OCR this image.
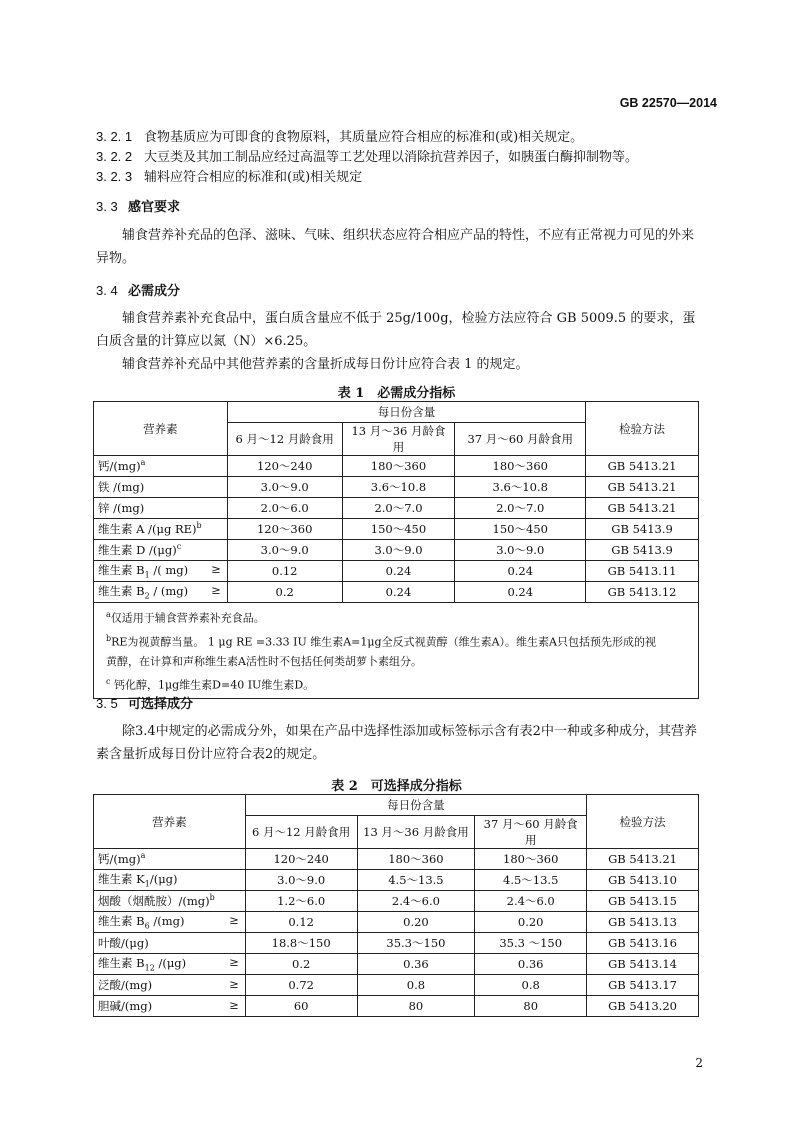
GB 22570—2014
3. 2. 1 食物基质应为可即食的食物原料，其质量应符合相应的标准和(或)相关规定。
3. 2. 2 大豆类及其加工制品应经过高温等工艺处理以消除抗营养因子，如胰蛋白酶抑制物等。
3. 2. 3 辅料应符合相应的标准和(或)相关规定
3. 3 感官要求
辅食营养补充品的色泽、滋味、气味、组织状态应符合相应产品的特性，不应有正常视力可见的外来异物。
3. 4 必需成分
辅食营养素补充食品中，蛋白质含量应不低于 25g/100g，检验方法应符合 GB 5009.5 的要求，蛋白质含量的计算应以氮（N）×6.25。
辅食营养补充品中其他营养素的含量折成每日份计应符合表 1 的规定。
表 1　必需成分指标
营养素	每日份含量			检验方法
	6 月～12 月龄食用	13 月～36 月龄食用	37 月～60 月龄食用	
钙/(mg)$^a$	120～240	180～360	180～360	GB 5413.21
铁 /(mg)	3.0～9.0	3.6～10.8	3.6～10.8	GB 5413.21
锌 /(mg)	2.0～6.0	2.0～7.0	2.0～7.0	GB 5413.21
维生素 A /(μg RE)$^b$	120～360	150～450	150～450	GB 5413.9
维生素 D $/(\mu g)^c$	3.0～9.0	3.0～9.0	3.0～9.0	GB 5413.9
维生素 $B_1$ /( mg) ≥	0.12	0.24	0.24	GB 5413.11
维生素 $B_2 / (mg)$ ≥	0.2	0.24	0.24	GB 5413.12

$^a$仅适用于辅食营养素补充食品。
$^b$RE为视黄醇当量。 1 μg RE =3.33 IU 维生素A=1μg全反式视黄醇（维生素A）。维生素A只包括预先形成的视
黄醇，在计算和声称维生素A活性时不包括任何类胡萝卜素组分。
$^c$ 钙化醇，1μg维生素D=40 IU维生素D。				
3. 5 可选择成分
除3.4中规定的必需成分外，如果在产品中选择性添加或标签标示含有表2中一种或多种成分，其营养素含量折成每日份计应符合表2的规定。
表 2　可选择成分指标
营养素	每日份含量			检验方法
	6 月～12 月龄食用	13 月～36 月龄食用	37 月～60 月龄食用	
钙/(mg)$^a$	120～240	180～360	180～360	GB 5413.21
维生素 $K_1/(\mu g)$	3.0～9.0	4.5～13.5	4.5～13.5	GB 5413.10
烟酸（烟酰胺）/(mg)$^b$	1.2～6.0	2.4～6.0	2.4～6.0	GB 5413.15
维生素 $B_6$ /(mg) ≥	0.12	0.20	0.20	GB 5413.13
叶酸/(μg)	18.8～150	35.3～150	35.3 ～150	GB 5413.16
维生素 $B_{12}$ /(μg) ≥	0.2	0.36	0.36	GB 5413.14
泛酸/(mg) ≥	0.72	0.8	0.8	GB 5413.17
胆碱/(mg) ≥	60	80	80	GB 5413.20
2
